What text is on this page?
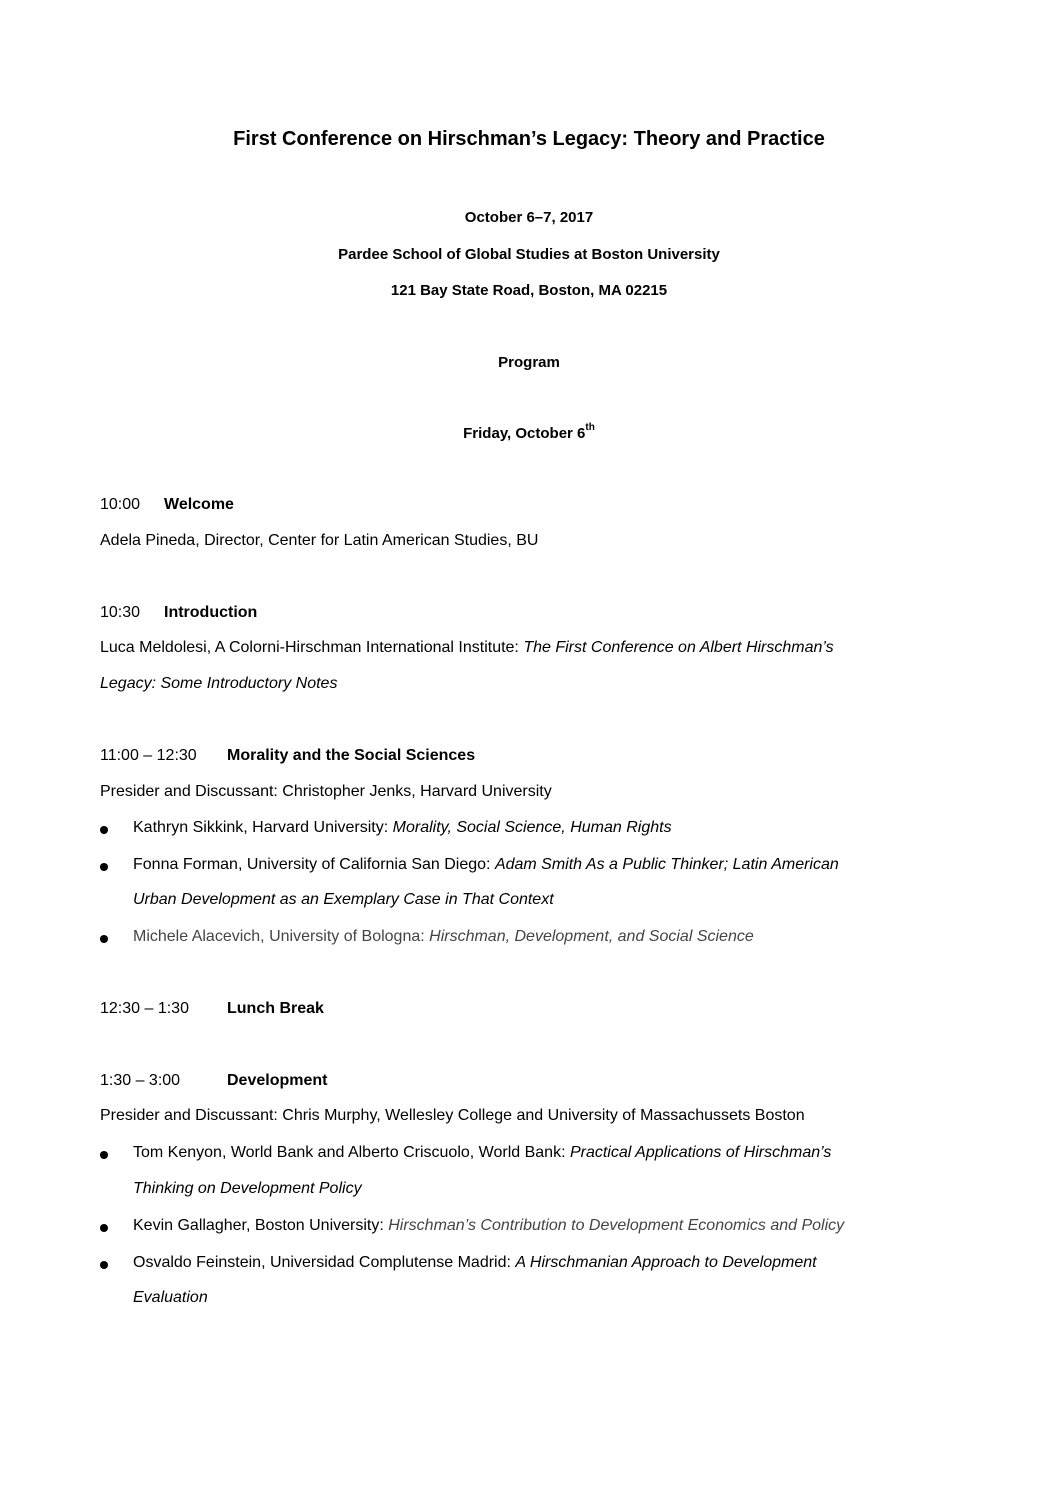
First Conference on Hirschman’s Legacy: Theory and Practice
October 6–7, 2017
Pardee School of Global Studies at Boston University
121 Bay State Road, Boston, MA 02215
Program
Friday, October 6th
10:00 Welcome
Adela Pineda, Director, Center for Latin American Studies, BU
10:30 Introduction
Luca Meldolesi, A Colorni-Hirschman International Institute: The First Conference on Albert Hirschman’s
Legacy: Some Introductory Notes
11:00 – 12:30 Morality and the Social Sciences
Presider and Discussant: Christopher Jenks, Harvard University
Kathryn Sikkink, Harvard University: Morality, Social Science, Human Rights
Fonna Forman, University of California San Diego: Adam Smith As a Public Thinker; Latin American
Urban Development as an Exemplary Case in That Context
Michele Alacevich, University of Bologna: Hirschman, Development, and Social Science
12:30 – 1:30 Lunch Break
1:30 – 3:00	Development
Presider and Discussant: Chris Murphy, Wellesley College and University of Massachussets Boston
Tom Kenyon, World Bank and Alberto Criscuolo, World Bank: Practical Applications of Hirschman’s
Thinking on Development Policy
Kevin Gallagher, Boston University: Hirschman’s Contribution to Development Economics and Policy
Osvaldo Feinstein, Universidad Complutense Madrid: A Hirschmanian Approach to Development
Evaluation
